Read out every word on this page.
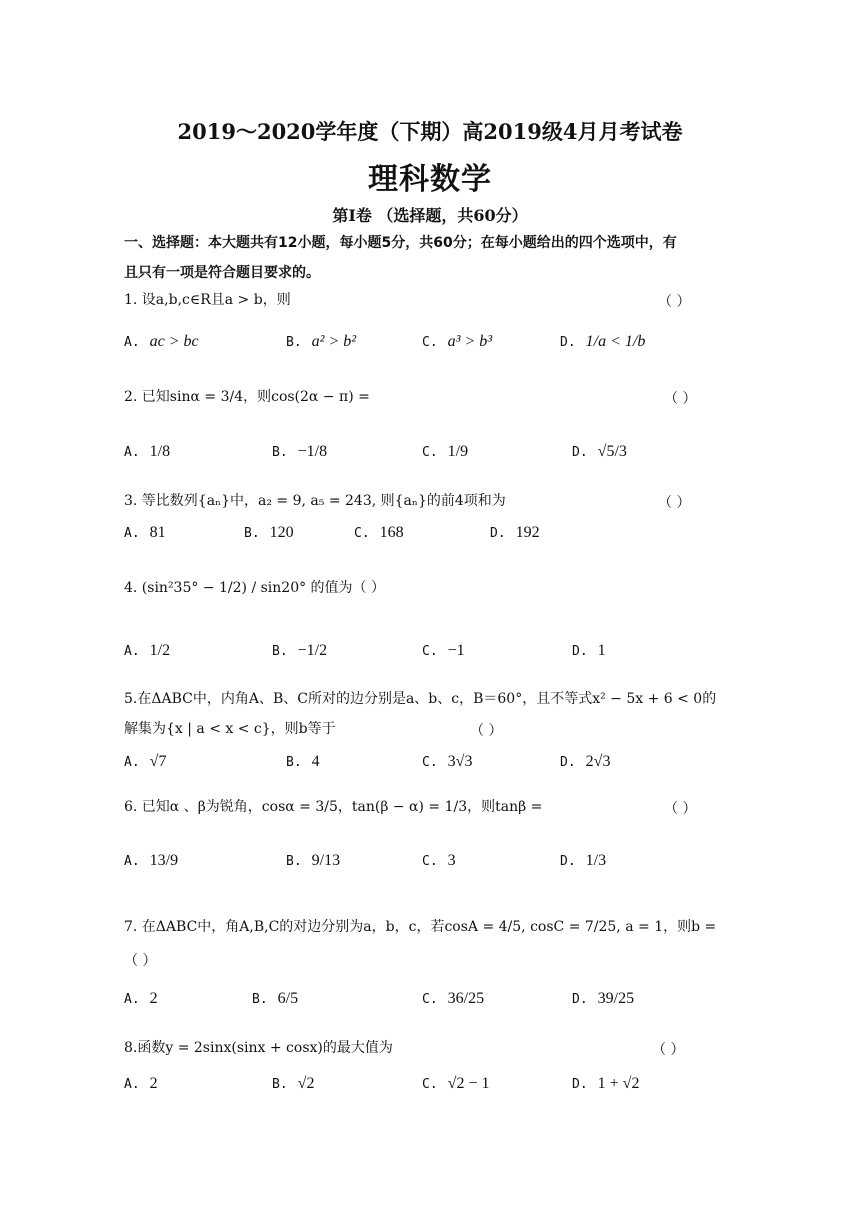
2019～2020学年度（下期）高2019级4月月考试卷
理科数学
第Ⅰ卷 （选择题，共60分）
一、选择题：本大题共有12小题，每小题5分，共60分；在每小题给出的四个选项中，有
且只有一项是符合题目要求的。
1. 设a,b,c∈R且a > b，则	（ ）
A. ac > bc	B. a² > b²	C. a³ > b³	D. 1/a < 1/b
2. 已知sinα = 3/4，则cos(2α − π) =	（ ）
A. 1/8	B. −1/8	C. 1/9	D. √5/3
3. 等比数列{aₙ}中，a₂ = 9, a₅ = 243, 则{aₙ}的前4项和为	（ ）
A. 81	B. 120	C. 168	D. 192
4. (sin²35° − 1/2) / sin20° 的值为（ ）
A. 1/2	B. −1/2	C. −1	D. 1
5.在ΔABC中，内角A、B、C所对的边分别是a、b、c，B＝60°，且不等式x² − 5x + 6 < 0的
解集为{x | a < x < c}，则b等于	（ ）
A. √7	B. 4	C. 3√3	D. 2√3
6. 已知α 、β为锐角，cosα = 3/5，tan(β − α) = 1/3，则tanβ =	（ ）
A. 13/9	B. 9/13	C. 3	D. 1/3
7. 在ΔABC中，角A,B,C的对边分别为a，b，c，若cosA = 4/5, cosC = 7/25, a = 1，则b =
（ ）
A. 2	B. 6/5	C. 36/25	D. 39/25
8.函数y = 2sinx(sinx + cosx)的最大值为	（ ）
A. 2	B. √2	C. √2 − 1	D. 1 + √2
